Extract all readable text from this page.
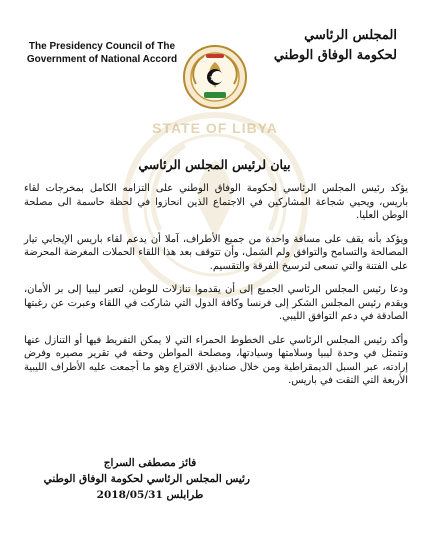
The Presidency Council of The
Government of National Accord
المجلس الرئاسي
لحكومة الوفاق الوطني
STATE OF LIBYA
بيان لرئيس المجلس الرئاسي

يؤكد رئيس المجلس الرئاسي لحكومة الوفاق الوطني على التزامه الكامل بمخرجات لقاء باريس، ويحيي شجاعة المشاركين في الاجتماع الذين انحازوا في لحظة حاسمة الى مصلحة الوطن العليا.

ويؤكد بأنه يقف على مسافة واحدة من جميع الأطراف، آملا أن يدعم لقاء باريس الإيجابي تيار المصالحة والتسامح والتوافق ولم الشمل، وأن تتوقف بعد هذا اللقاء الحملات المغرضة المحرضة على الفتنة والتي تسعى لترسيخ الفرقة والتقسيم.

ودعا رئيس المجلس الرئاسي الجميع إلى أن يقدموا تنازلات للوطن، لتعبر ليبيا إلى بر الأمان، ويقدم رئيس المجلس الشكر إلى فرنسا وكافة الدول التي شاركت في اللقاء وعبرت عن رغبتها الصادقة في دعم التوافق الليبي.

وأكد رئيس المجلس الرئاسي على الخطوط الحمراء التي لا يمكن التفريط فيها أو التنازل عنها وتتمثل في وحدة ليبيا وسلامتها وسيادتها، ومصلحة المواطن وحقه في تقرير مصيره وفرض إرادته، عبر السبل الديمقراطية ومن خلال صناديق الاقتراع وهو ما أجمعت عليه الأطراف الليبية الأربعة التي التقت في باريس.

فائز مصطفى السراج
رئيس المجلس الرئاسي لحكومة الوفاق الوطني
طرابلس 2018/05/31
